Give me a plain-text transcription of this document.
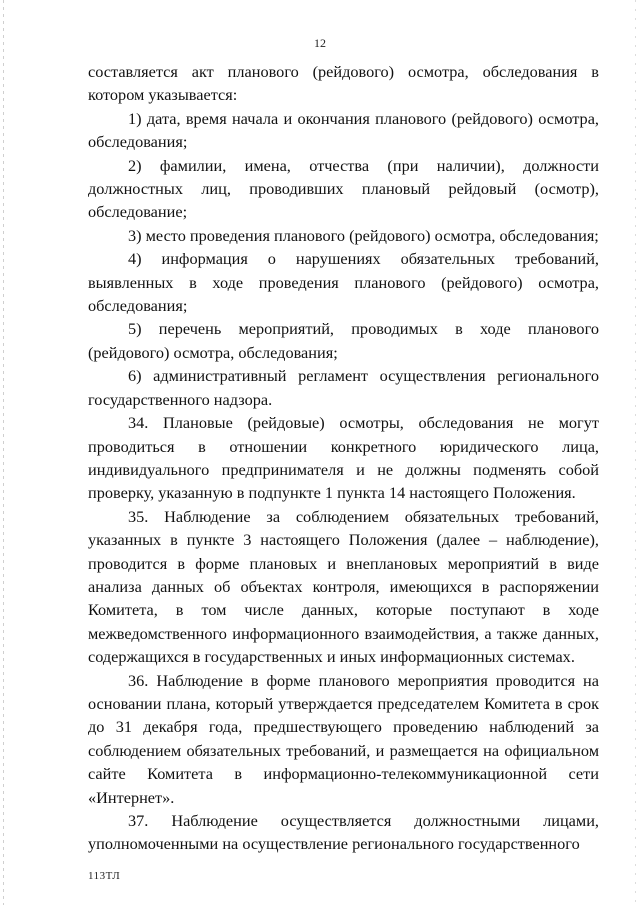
12

составляется акт планового (рейдового) осмотра, обследования в котором указывается:

1) дата, время начала и окончания планового (рейдового) осмотра, обследования;

2) фамилии, имена, отчества (при наличии), должности должностных лиц, проводивших плановый рейдовый (осмотр), обследование;

3) место проведения планового (рейдового) осмотра, обследования;

4) информация о нарушениях обязательных требований, выявленных в ходе проведения планового (рейдового) осмотра, обследования;

5) перечень мероприятий, проводимых в ходе планового (рейдового) осмотра, обследования;

6) административный регламент осуществления регионального государственного надзора.

34. Плановые (рейдовые) осмотры, обследования не могут проводиться в отношении конкретного юридического лица, индивидуального предпринимателя и не должны подменять собой проверку, указанную в подпункте 1 пункта 14 настоящего Положения.

35. Наблюдение за соблюдением обязательных требований, указанных в пункте 3 настоящего Положения (далее – наблюдение), проводится в форме плановых и внеплановых мероприятий в виде анализа данных об объектах контроля, имеющихся в распоряжении Комитета, в том числе данных, которые поступают в ходе межведомственного информационного взаимодействия, а также данных, содержащихся в государственных и иных информационных системах.

36. Наблюдение в форме планового мероприятия проводится на основании плана, который утверждается председателем Комитета в срок до 31 декабря года, предшествующего проведению наблюдений за соблюдением обязательных требований, и размещается на официальном сайте Комитета в информационно-телекоммуникационной сети «Интернет».

37. Наблюдение осуществляется должностными лицами, уполномоченными на осуществление регионального государственного

113ТЛ
